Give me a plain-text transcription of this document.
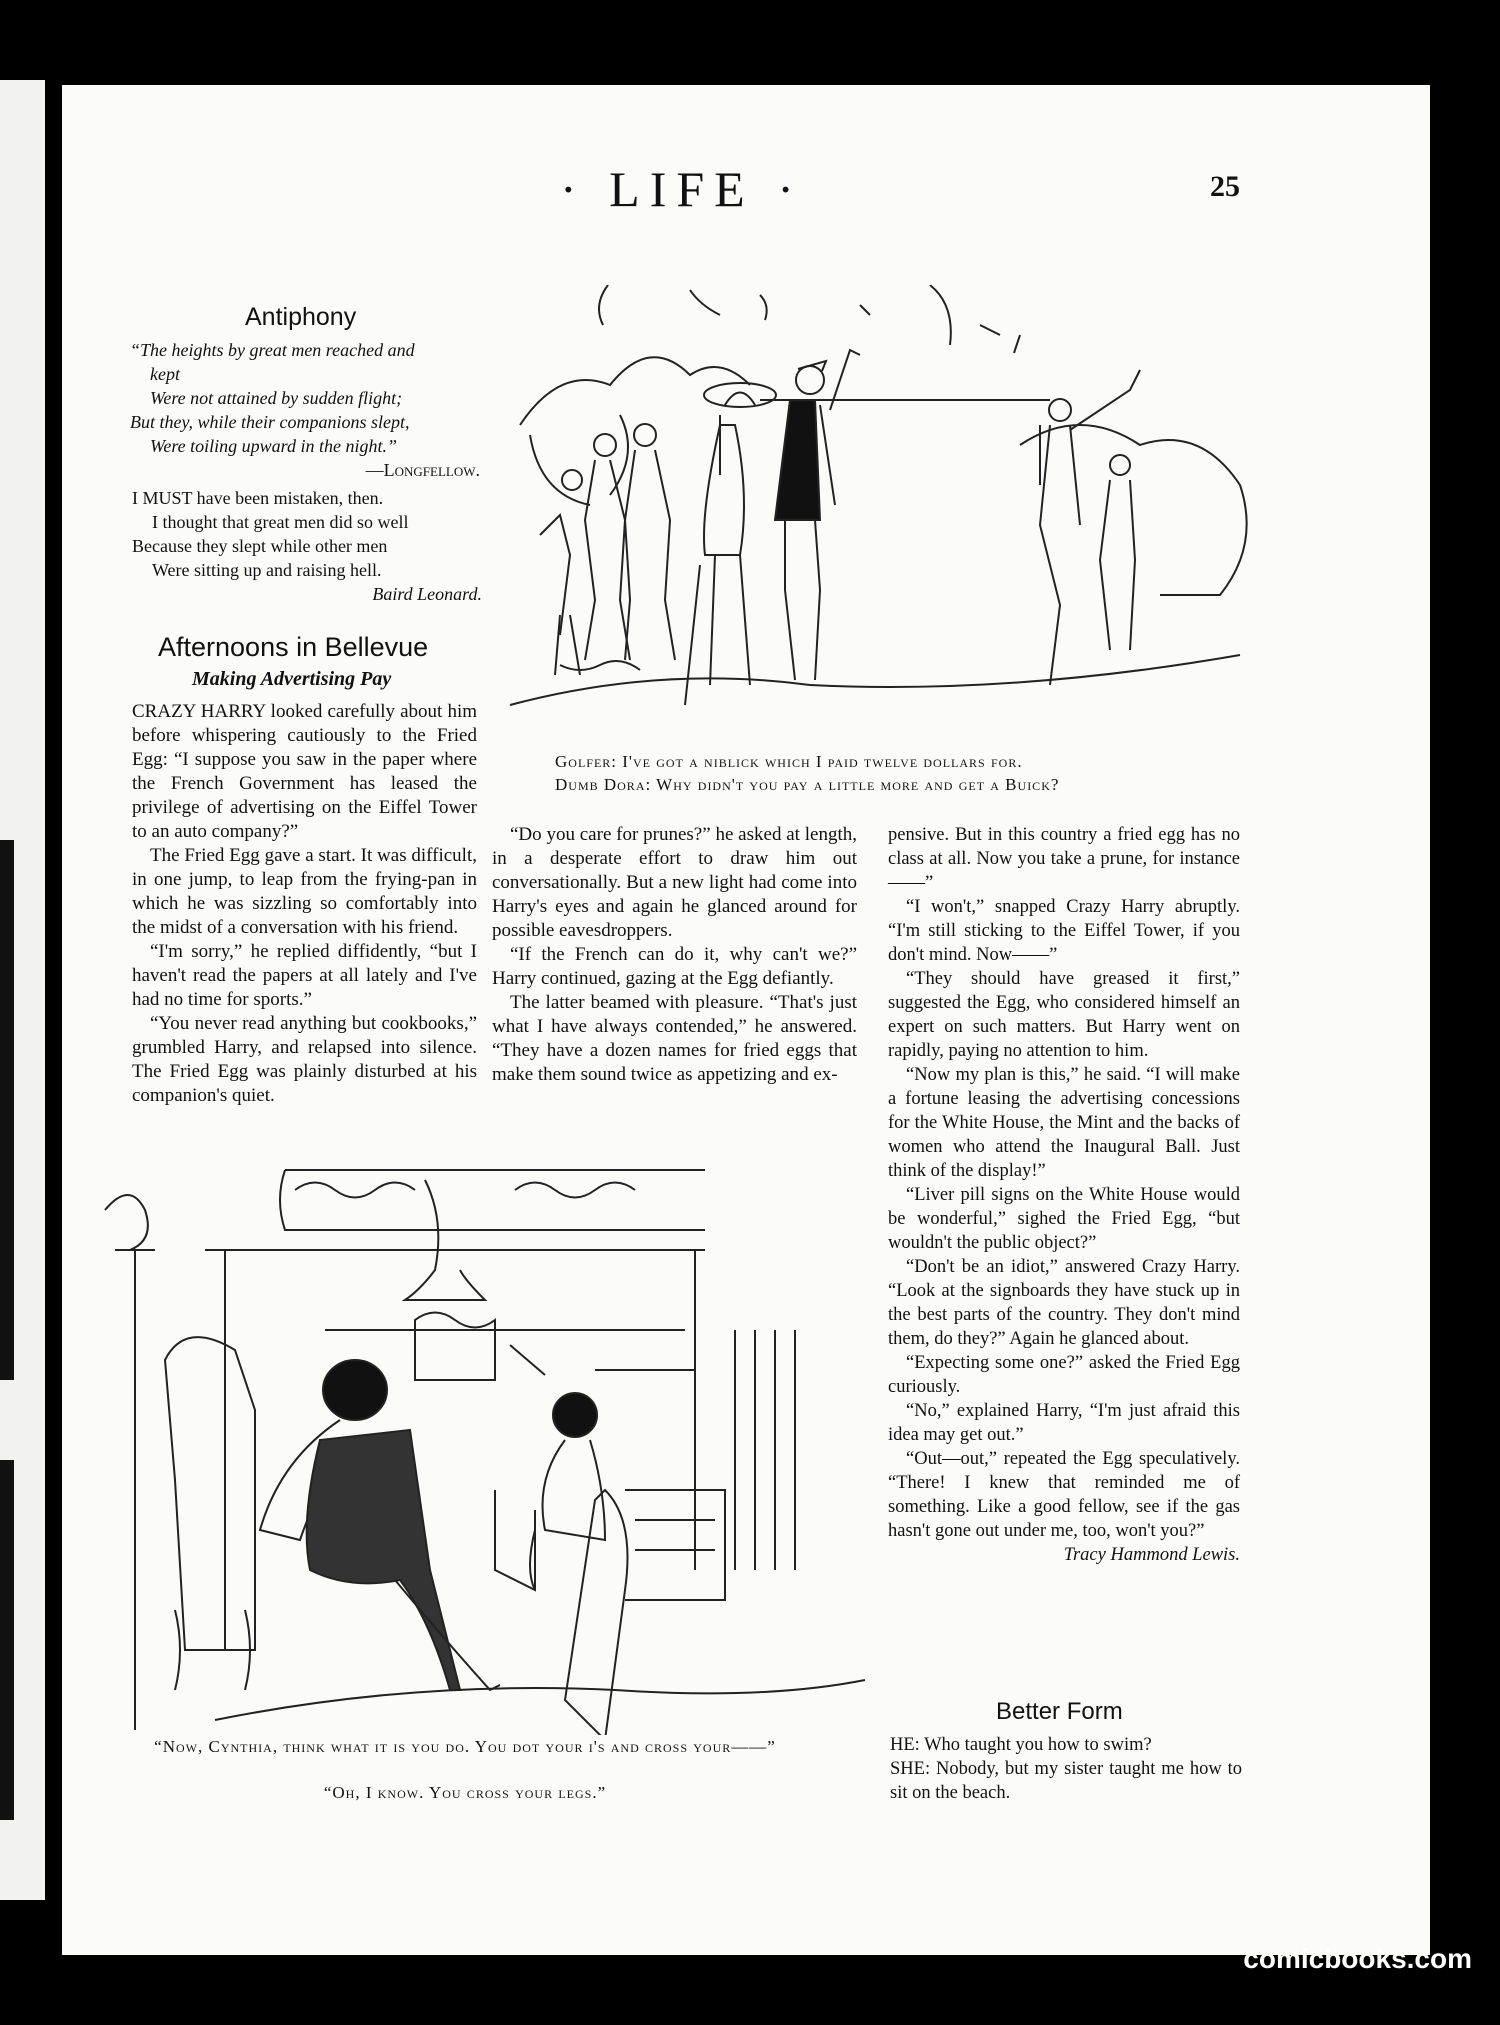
· LIFE ·	25
Antiphony
“The heights by great men reached and
kept
Were not attained by sudden flight;
But they, while their companions slept,
Were toiling upward in the night.”
—Longfellow.
I MUST have been mistaken, then.
I thought that great men did so well
Because they slept while other men
Were sitting up and raising hell.
Baird Leonard.
Golfer: I've got a niblick which I paid twelve dollars for.
Dumb Dora: Why didn't you pay a little more and get a Buick?
Afternoons in Bellevue
Making Advertising Pay

CRAZY HARRY looked carefully about him before whispering cautiously to the Fried Egg: “I suppose you saw in the paper where the French Government has leased the privilege of advertising on the Eiffel Tower to an auto company?”

The Fried Egg gave a start. It was difficult, in one jump, to leap from the frying-pan in which he was sizzling so comfortably into the midst of a conversation with his friend.

“I'm sorry,” he replied diffidently, “but I haven't read the papers at all lately and I've had no time for sports.”

“You never read anything but cookbooks,” grumbled Harry, and relapsed into silence. The Fried Egg was plainly disturbed at his companion's quiet.

“Do you care for prunes?” he asked at length, in a desperate effort to draw him out conversationally. But a new light had come into Harry's eyes and again he glanced around for possible eavesdroppers.

“If the French can do it, why can't we?” Harry continued, gazing at the Egg defiantly.

The latter beamed with pleasure. “That's just what I have always contended,” he answered. “They have a dozen names for fried eggs that make them sound twice as appetizing and ex-

pensive. But in this country a fried egg has no class at all. Now you take a prune, for instance——”

“I won't,” snapped Crazy Harry abruptly. “I'm still sticking to the Eiffel Tower, if you don't mind. Now——”

“They should have greased it first,” suggested the Egg, who considered himself an expert on such matters. But Harry went on rapidly, paying no attention to him.

“Now my plan is this,” he said. “I will make a fortune leasing the advertising concessions for the White House, the Mint and the backs of women who attend the Inaugural Ball. Just think of the display!”

“Liver pill signs on the White House would be wonderful,” sighed the Fried Egg, “but wouldn't the public object?”

“Don't be an idiot,” answered Crazy Harry. “Look at the signboards they have stuck up in the best parts of the country. They don't mind them, do they?” Again he glanced about.

“Expecting some one?” asked the Fried Egg curiously.

“No,” explained Harry, “I'm just afraid this idea may get out.”

“Out—out,” repeated the Egg speculatively. “There! I knew that reminded me of something. Like a good fellow, see if the gas hasn't gone out under me, too, won't you?”

Tracy Hammond Lewis.
“Now, Cynthia, think what it is you do. You dot your i's and cross your——”
“Oh, I know. You cross your legs.”
Better Form
HE: Who taught you how to swim?
SHE: Nobody, but my sister taught me how to sit on the beach.
comicbooks.com
